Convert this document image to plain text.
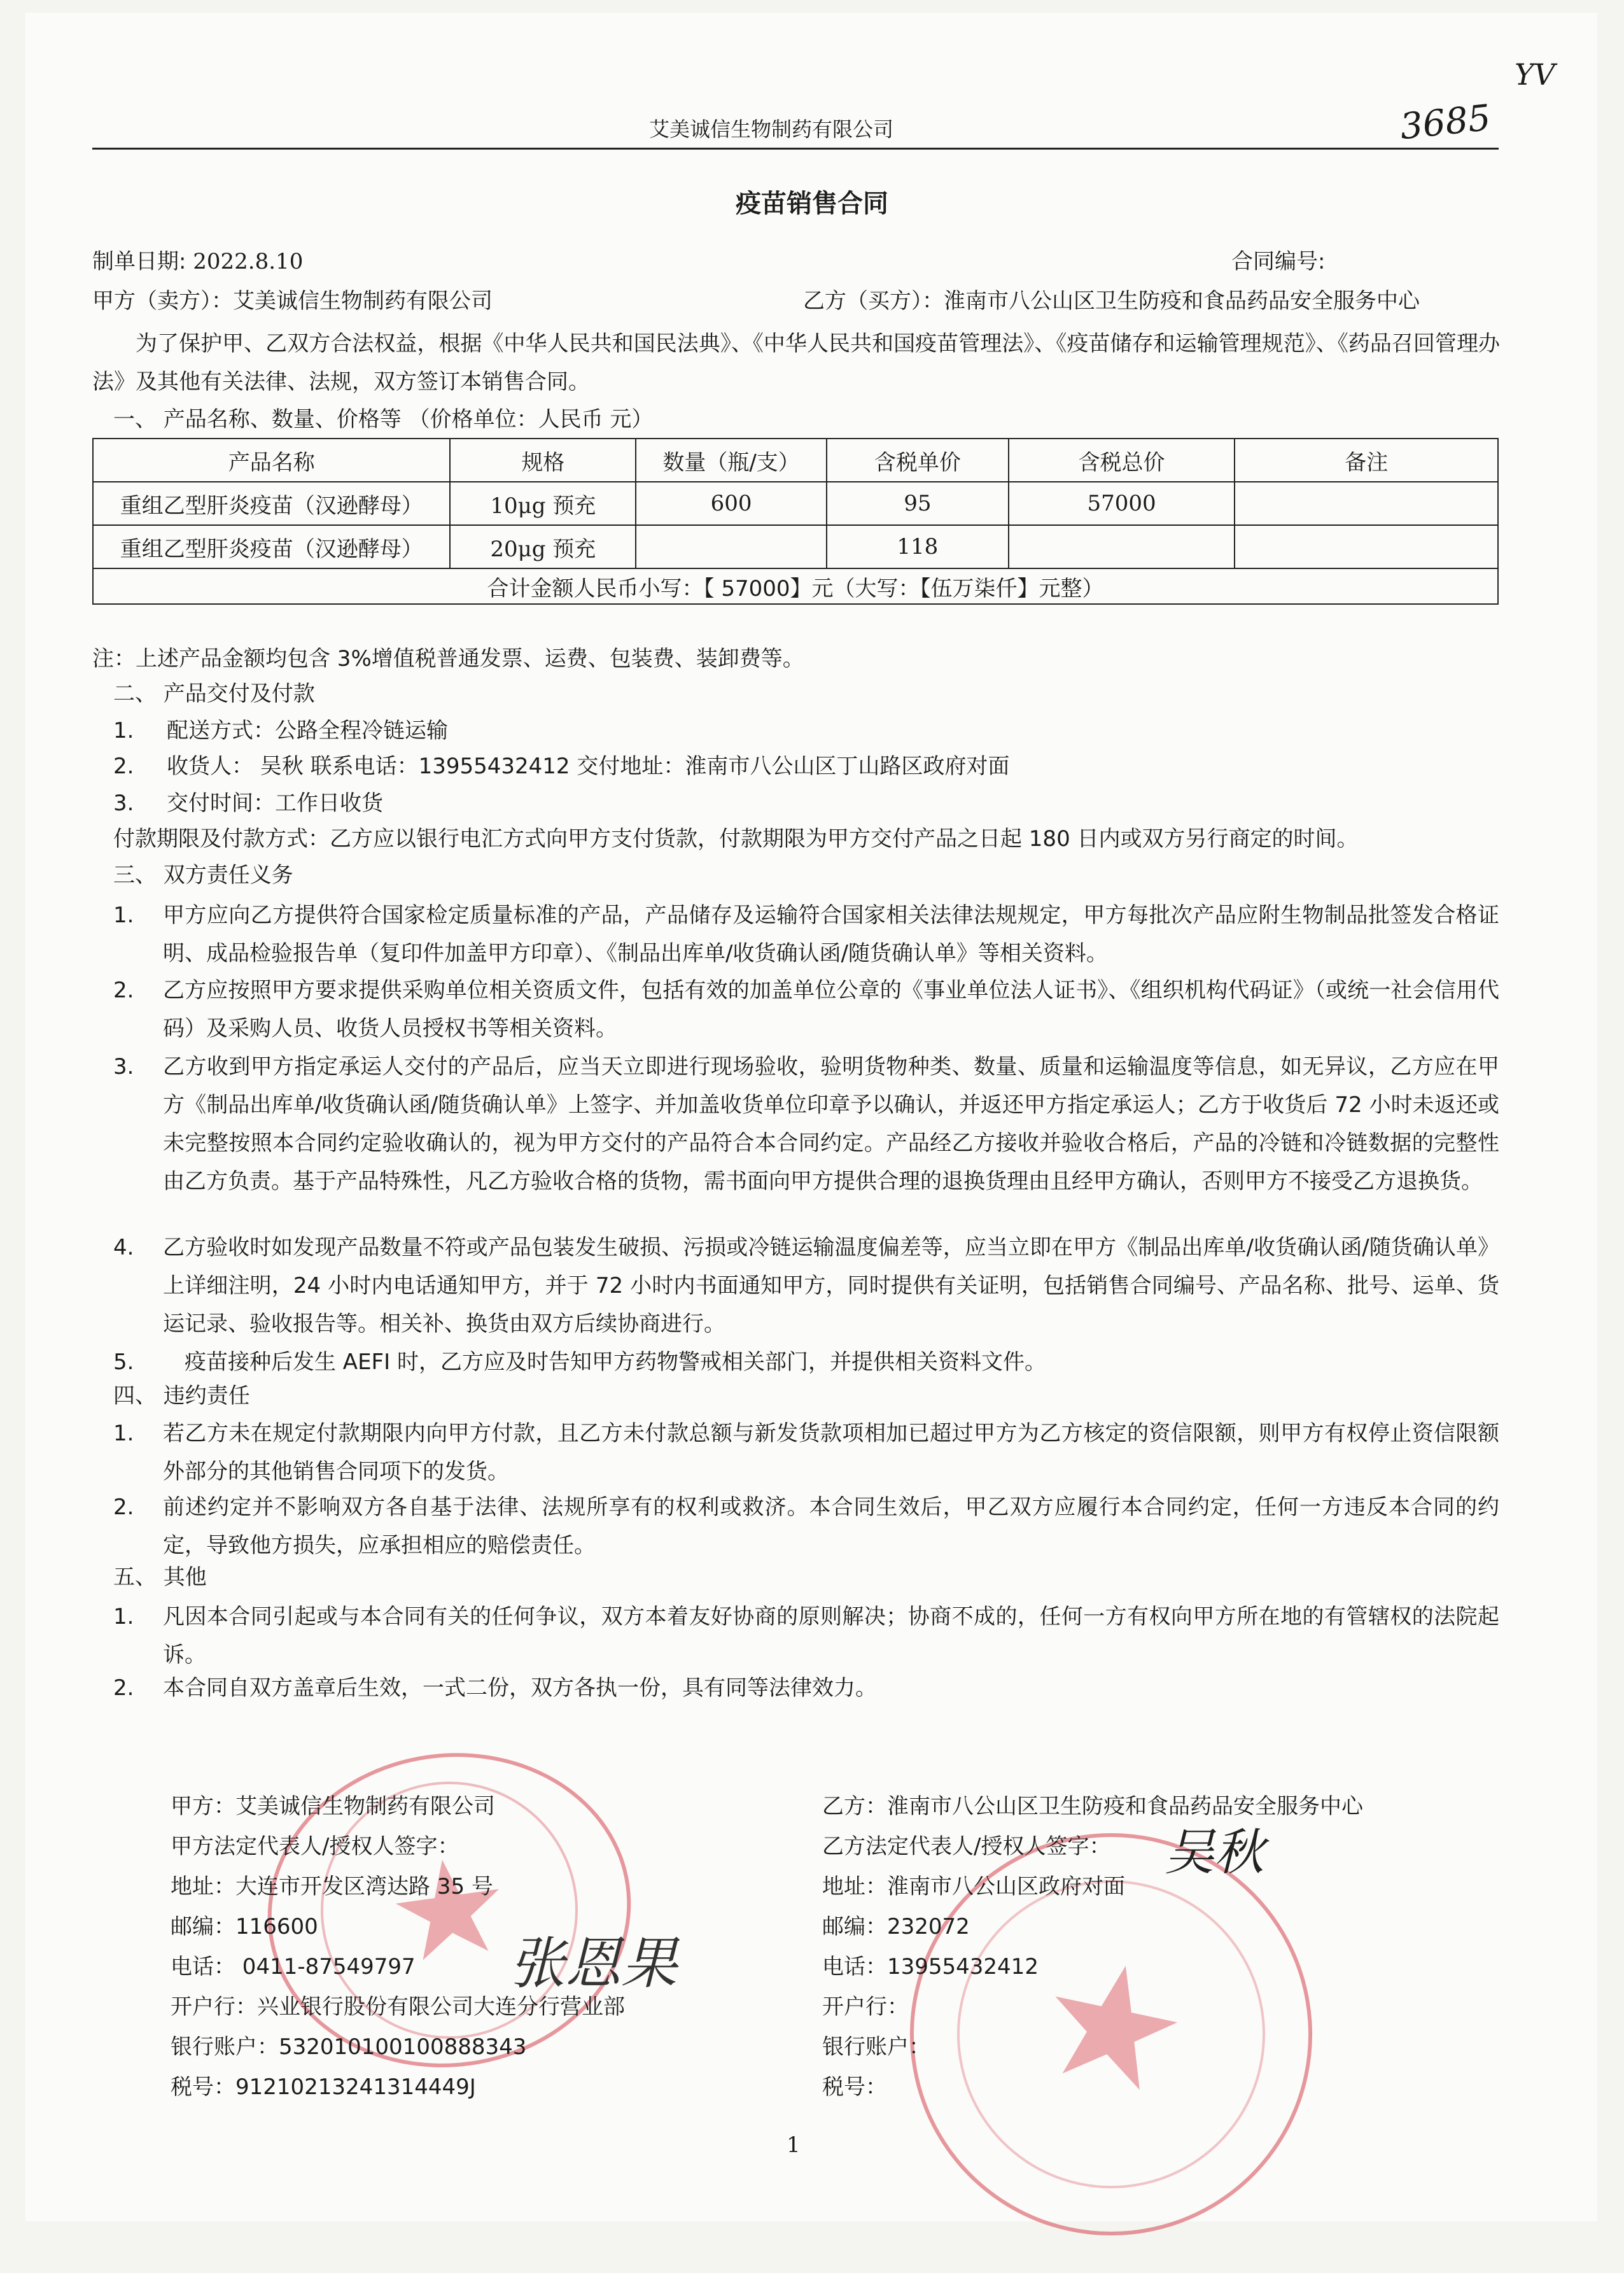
艾美诚信生物制药有限公司	3685
YV
疫苗销售合同
制单日期: 2022.8.10	合同编号:
甲方（卖方）：艾美诚信生物制药有限公司	乙方（买方）：淮南市八公山区卫生防疫和食品药品安全服务中心
为了保护甲、乙双方合法权益，根据《中华人民共和国民法典》、《中华人民共和国疫苗管理法》、《疫苗储存和运输管理规范》、《药品召回管理办法》及其他有关法律、法规，双方签订本销售合同。
一、 产品名称、数量、价格等 （价格单位：人民币 元）
产品名称	规格	数量（瓶/支）	含税单价	含税总价	备注
重组乙型肝炎疫苗（汉逊酵母）	10μg 预充	600	95	57000	
重组乙型肝炎疫苗（汉逊酵母）	20μg 预充		118		
合计金额人民币小写：【 57000】元（大写：【伍万柒仟】元整）					
注：上述产品金额均包含 3%增值税普通发票、运费、包装费、装卸费等。
二、 产品交付及付款
1. 配送方式：公路全程冷链运输
2. 收货人： 吴秋 联系电话：13955432412 交付地址：淮南市八公山区丁山路区政府对面
3. 交付时间：工作日收货
付款期限及付款方式：乙方应以银行电汇方式向甲方支付货款，付款期限为甲方交付产品之日起 180 日内或双方另行商定的时间。
三、 双方责任义务
1. 甲方应向乙方提供符合国家检定质量标准的产品，产品储存及运输符合国家相关法律法规规定，甲方每批次产品应附生物制品批签发合格证明、成品检验报告单（复印件加盖甲方印章）、《制品出库单/收货确认函/随货确认单》等相关资料。
2. 乙方应按照甲方要求提供采购单位相关资质文件，包括有效的加盖单位公章的《事业单位法人证书》、《组织机构代码证》（或统一社会信用代码）及采购人员、收货人员授权书等相关资料。
3. 乙方收到甲方指定承运人交付的产品后，应当天立即进行现场验收，验明货物种类、数量、质量和运输温度等信息，如无异议，乙方应在甲方《制品出库单/收货确认函/随货确认单》上签字、并加盖收货单位印章予以确认，并返还甲方指定承运人；乙方于收货后 72 小时未返还或未完整按照本合同约定验收确认的，视为甲方交付的产品符合本合同约定。产品经乙方接收并验收合格后，产品的冷链和冷链数据的完整性由乙方负责。基于产品特殊性，凡乙方验收合格的货物，需书面向甲方提供合理的退换货理由且经甲方确认，否则甲方不接受乙方退换货。
4. 乙方验收时如发现产品数量不符或产品包装发生破损、污损或冷链运输温度偏差等，应当立即在甲方《制品出库单/收货确认函/随货确认单》上详细注明，24 小时内电话通知甲方，并于 72 小时内书面通知甲方，同时提供有关证明，包括销售合同编号、产品名称、批号、运单、货运记录、验收报告等。相关补、换货由双方后续协商进行。
5. 疫苗接种后发生 AEFI 时，乙方应及时告知甲方药物警戒相关部门，并提供相关资料文件。
四、 违约责任
1. 若乙方未在规定付款期限内向甲方付款，且乙方未付款总额与新发货款项相加已超过甲方为乙方核定的资信限额，则甲方有权停止资信限额外部分的其他销售合同项下的发货。
2. 前述约定并不影响双方各自基于法律、法规所享有的权利或救济。本合同生效后，甲乙双方应履行本合同约定，任何一方违反本合同的约定，导致他方损失，应承担相应的赔偿责任。
五、 其他
1. 凡因本合同引起或与本合同有关的任何争议，双方本着友好协商的原则解决；协商不成的，任何一方有权向甲方所在地的有管辖权的法院起诉。
2. 本合同自双方盖章后生效，一式二份，双方各执一份，具有同等法律效力。
甲方：艾美诚信生物制药有限公司
甲方法定代表人/授权人签字：
地址：大连市开发区湾达路 35 号
邮编：116600
电话： 0411-87549797
开户行：兴业银行股份有限公司大连分行营业部
银行账户：532010100100888343
税号：91210213241314449J
张恩果
乙方：淮南市八公山区卫生防疫和食品药品安全服务中心
乙方法定代表人/授权人签字：
地址：淮南市八公山区政府对面
邮编：232072
电话：13955432412
开户行：
银行账户：
税号：
吴秋
1
